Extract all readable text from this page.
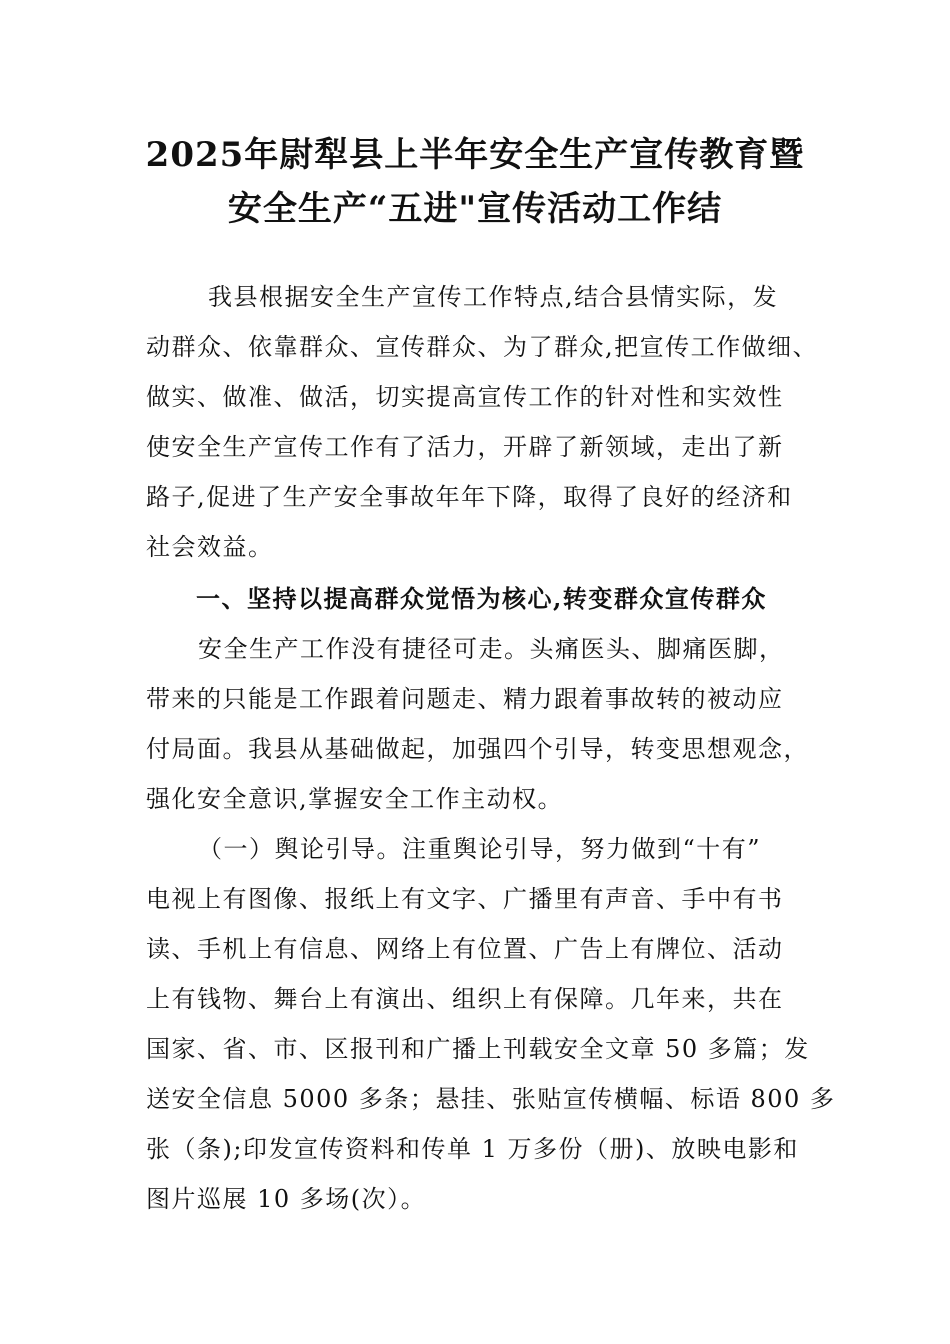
2025年尉犁县上半年安全生产宣传教育暨
安全生产“五进"宣传活动工作结
我县根据安全生产宣传工作特点,结合县情实际，发
动群众、依靠群众、宣传群众、为了群众,把宣传工作做细、
做实、做准、做活，切实提高宣传工作的针对性和实效性
使安全生产宣传工作有了活力，开辟了新领域，走出了新
路子,促进了生产安全事故年年下降，取得了良好的经济和
社会效益。
一、坚持以提高群众觉悟为核心,转变群众宣传群众
安全生产工作没有捷径可走。头痛医头、脚痛医脚，
带来的只能是工作跟着问题走、精力跟着事故转的被动应
付局面。我县从基础做起，加强四个引导，转变思想观念，
强化安全意识,掌握安全工作主动权。
（一）舆论引导。注重舆论引导，努力做到“十有”
电视上有图像、报纸上有文字、广播里有声音、手中有书
读、手机上有信息、网络上有位置、广告上有牌位、活动
上有钱物、舞台上有演出、组织上有保障。几年来，共在
国家、省、市、区报刊和广播上刊载安全文章 50 多篇；发
送安全信息 5000 多条；悬挂、张贴宣传横幅、标语 800 多
张（条);印发宣传资料和传单 1 万多份（册)、放映电影和
图片巡展 10 多场(次）。
